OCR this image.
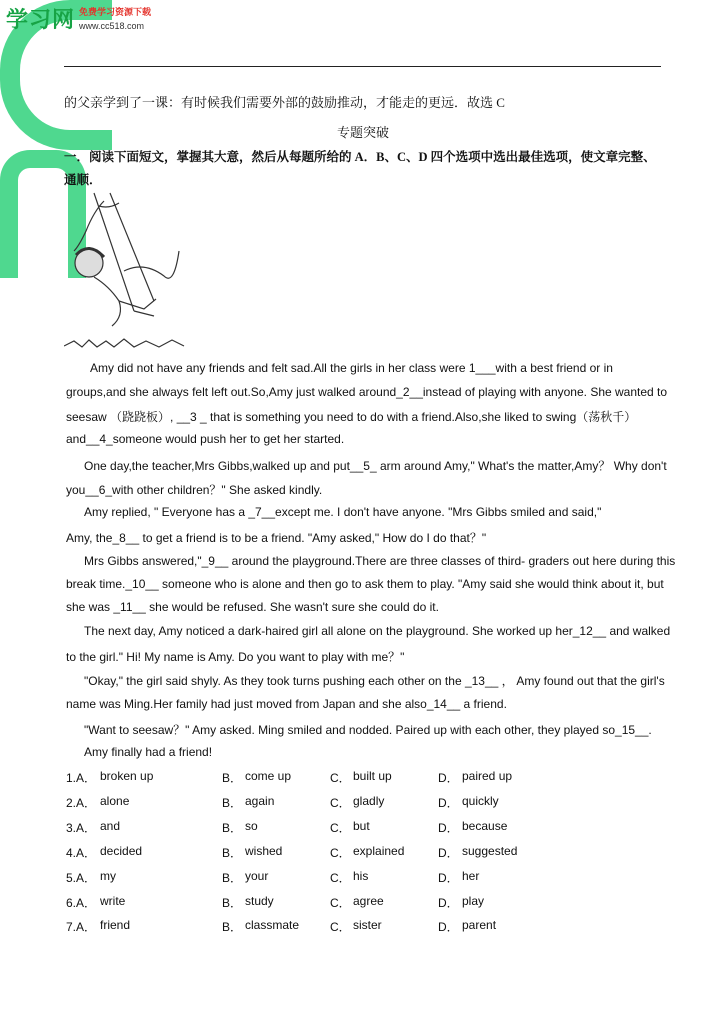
学习网 免费学习资源下载
www.cc518.com
的父亲学到了一课：有时候我们需要外部的鼓励推动，才能走的更远．故选 C
专题突破
一．阅读下面短文，掌握其大意，然后从每题所给的 A．B、C、D 四个选项中选出最佳选项，使文章完整、
通顺．
Amy did not have any friends and felt sad.All the girls in her class were 1___with a best friend or in
groups,and she always felt left out.So,Amy just walked around_2__instead of playing with anyone. She wanted to
seesaw （跷跷板）, __3 _ that is something you need to do with a friend.Also,she liked to swing（荡秋千）
and__4_someone would push her to get her started.
One day,the teacher,Mrs Gibbs,walked up and put__5_ arm around Amy," What's the matter,Amy？ Why don't
you__6_with other children？" She asked kindly.
Amy replied, " Everyone has a _7__except me. I don't have anyone. "Mrs Gibbs smiled and said,"
Amy, the_8__ to get a friend is to be a friend. "Amy asked," How do I do that？"
Mrs Gibbs answered,"_9__ around the playground.There are three classes of third- graders out here during this
break time._10__ someone who is alone and then go to ask them to play. "Amy said she would think about it, but
she was _11__ she would be refused. She wasn't sure she could do it.
The next day, Amy noticed a dark-haired girl all alone on the playground. She worked up her_12__ and walked
to the girl." Hi! My name is Amy. Do you want to play with me？"
"Okay," the girl said shyly. As they took turns pushing each other on the _13__ ， Amy found out that the girl's
name was Ming.Her family had just moved from Japan and she also_14__ a friend.
"Want to seesaw？" Amy asked. Ming smiled and nodded. Paired up with each other, they played so_15__.
Amy finally had a friend!
1.A． broken up	B． come up	C． built up	D． paired up
2.A． alone	B． again	C． gladly	D． quickly
3.A． and	B． so	C． but	D． because
4.A． decided	B． wished	C． explained	D． suggested
5.A． my	B． your	C． his	D． her
6.A． write	B． study	C． agree	D． play
7.A． friend	B． classmate	C． sister	D． parent
